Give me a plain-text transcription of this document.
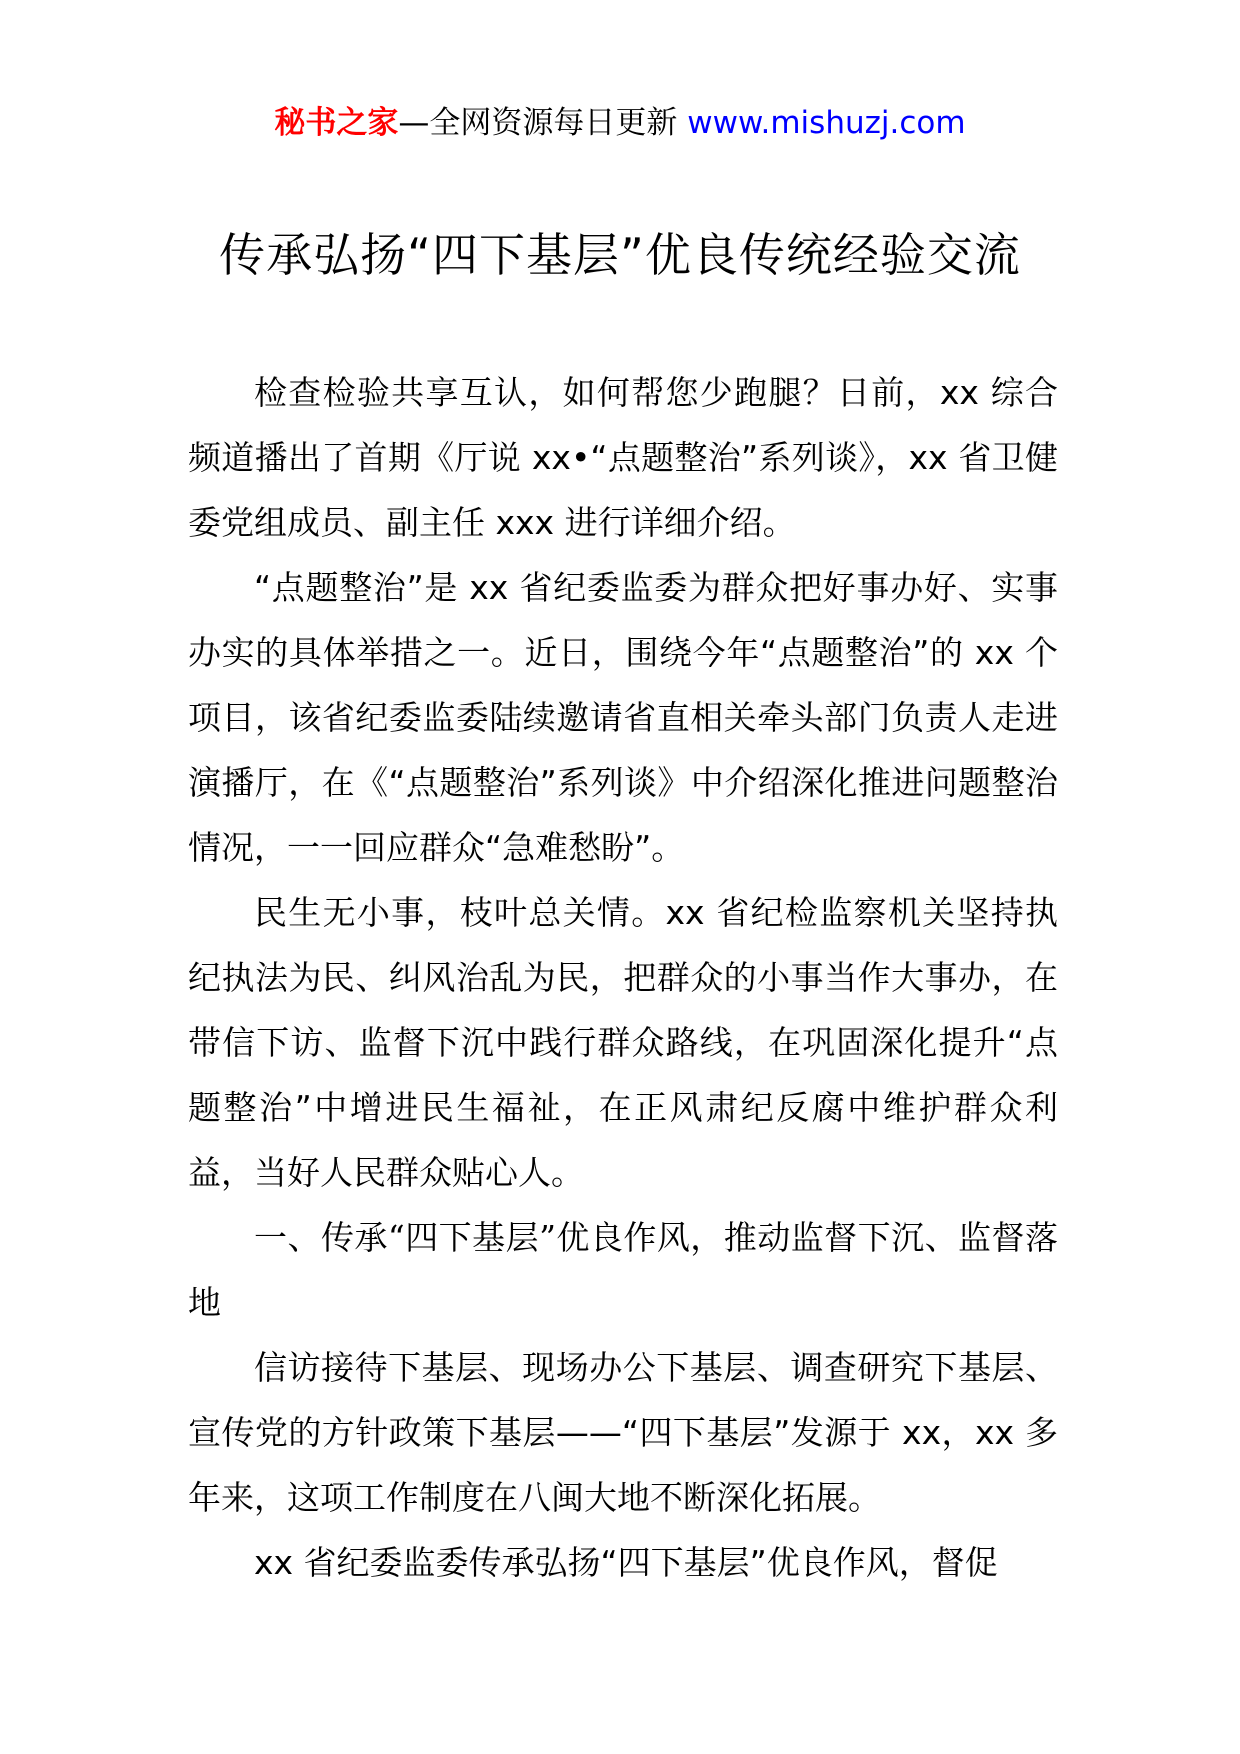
秘书之家—全网资源每日更新 www.mishuzj.com
传承弘扬“四下基层”优良传统经验交流

检查检验共享互认，如何帮您少跑腿？日前，xx 综合频道播出了首期《厅说 xx•“点题整治”系列谈》，xx 省卫健委党组成员、副主任 xxx 进行详细介绍。

“点题整治”是 xx 省纪委监委为群众把好事办好、实事办实的具体举措之一。近日，围绕今年“点题整治”的 xx 个项目，该省纪委监委陆续邀请省直相关牵头部门负责人走进演播厅，在《“点题整治”系列谈》中介绍深化推进问题整治情况，一一回应群众“急难愁盼”。

民生无小事，枝叶总关情。xx 省纪检监察机关坚持执纪执法为民、纠风治乱为民，把群众的小事当作大事办，在带信下访、监督下沉中践行群众路线，在巩固深化提升“点题整治”中增进民生福祉，在正风肃纪反腐中维护群众利益，当好人民群众贴心人。

一、传承“四下基层”优良作风，推动监督下沉、监督落地

信访接待下基层、现场办公下基层、调查研究下基层、宣传党的方针政策下基层——“四下基层”发源于 xx，xx 多年来，这项工作制度在八闽大地不断深化拓展。

xx 省纪委监委传承弘扬“四下基层”优良作风，督促
